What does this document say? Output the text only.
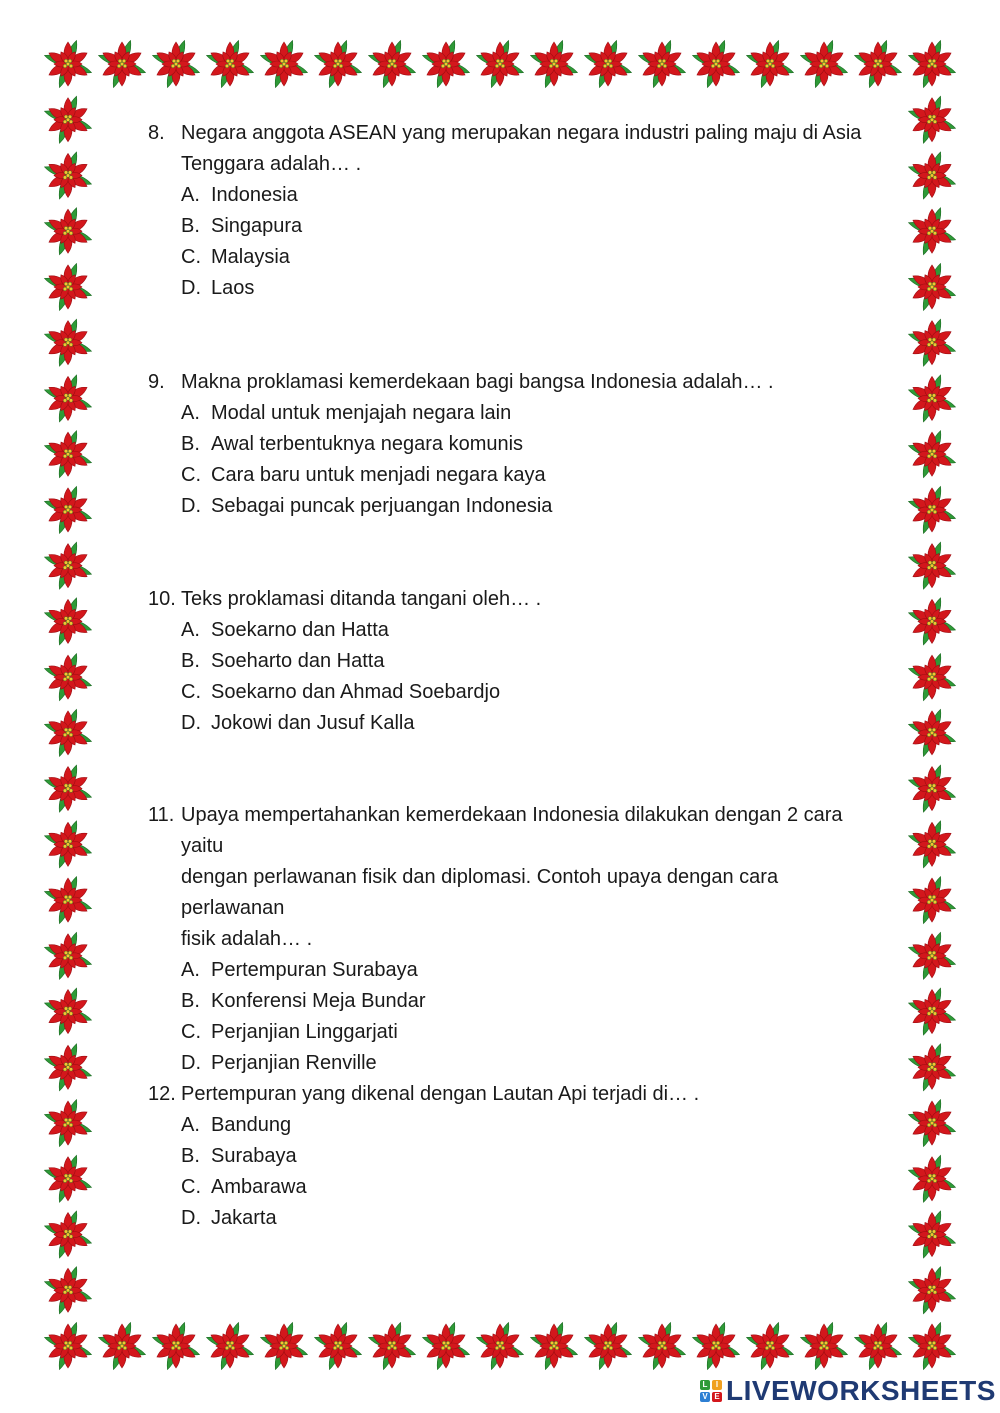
8. Negara anggota ASEAN yang merupakan negara industri paling maju di Asia
Tenggara adalah… .
A. Indonesia
B. Singapura
C. Malaysia
D. Laos
9. Makna proklamasi kemerdekaan bagi bangsa Indonesia adalah… .
A. Modal untuk menjajah negara lain
B. Awal terbentuknya negara komunis
C. Cara baru untuk menjadi negara kaya
D. Sebagai puncak perjuangan Indonesia
10. Teks proklamasi ditanda tangani oleh… .
A. Soekarno dan Hatta
B. Soeharto dan Hatta
C. Soekarno dan Ahmad Soebardjo
D. Jokowi dan Jusuf Kalla
11. Upaya mempertahankan kemerdekaan Indonesia dilakukan dengan 2 cara yaitu
dengan perlawanan fisik dan diplomasi. Contoh upaya dengan cara perlawanan
fisik adalah… .
A. Pertempuran Surabaya
B. Konferensi Meja Bundar
C. Perjanjian Linggarjati
D. Perjanjian Renville
12. Pertempuran yang dikenal dengan Lautan Api terjadi di… .
A. Bandung
B. Surabaya
C. Ambarawa
D. Jakarta
L	I
V E LIVEWORKSHEETS
